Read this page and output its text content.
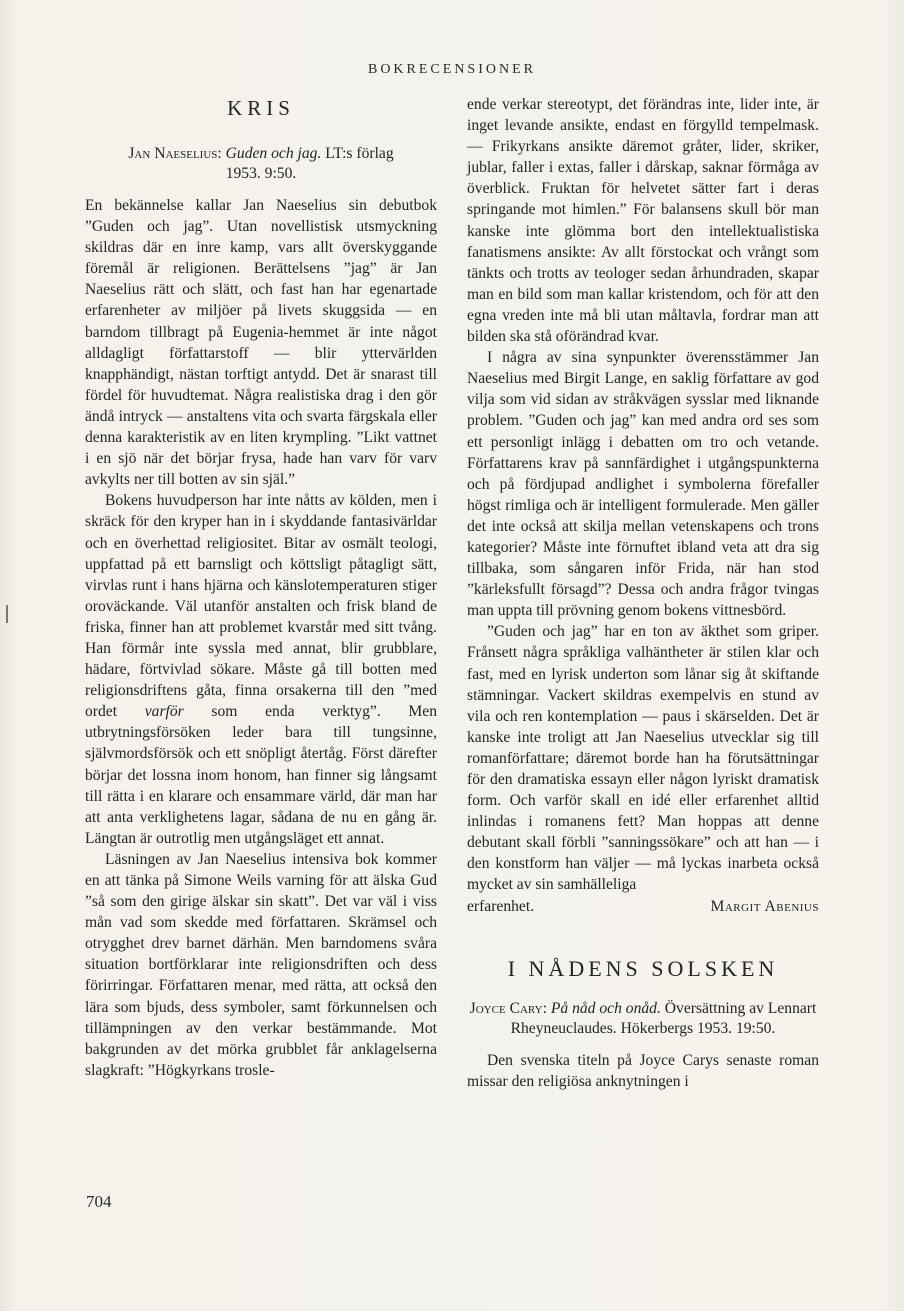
BOKRECENSIONER
KRIS
Jan Naeselius: Guden och jag. LT:s förlag
1953. 9:50.

En bekännelse kallar Jan Naeselius sin debutbok ”Guden och jag”. Utan novellistisk utsmyckning skildras där en inre kamp, vars allt överskyggande föremål är religionen. Berättelsens ”jag” är Jan Naeselius rätt och slätt, och fast han har egenartade erfarenheter av miljöer på livets skuggsida — en barndom tillbragt på Eugenia-hemmet är inte något alldagligt författarstoff — blir yttervärlden knapphändigt, nästan torftigt antydd. Det är snarast till fördel för huvudtemat. Några realistiska drag i den gör ändå intryck — anstaltens vita och svarta färgskala eller denna karakteristik av en liten krympling. ”Likt vattnet i en sjö när det börjar frysa, hade han varv för varv avkylts ner till botten av sin själ.”

Bokens huvudperson har inte nåtts av kölden, men i skräck för den kryper han in i skyddande fantasivärldar och en överhettad religiositet. Bitar av osmält teologi, uppfattad på ett barnsligt och köttsligt påtagligt sätt, virvlas runt i hans hjärna och känslotemperaturen stiger oroväckande. Väl utanför anstalten och frisk bland de friska, finner han att problemet kvarstår med sitt tvång. Han förmår inte syssla med annat, blir grubblare, hädare, förtvivlad sökare. Måste gå till botten med religionsdriftens gåta, finna orsakerna till den ”med ordet varför som enda verktyg”. Men utbrytningsförsöken leder bara till tungsinne, självmordsförsök och ett snöpligt återtåg. Först därefter börjar det lossna inom honom, han finner sig långsamt till rätta i en klarare och ensammare värld, där man har att anta verklighetens lagar, sådana de nu en gång är. Längtan är outrotlig men utgångsläget ett annat.

Läsningen av Jan Naeselius intensiva bok kommer en att tänka på Simone Weils varning för att älska Gud ”så som den girige älskar sin skatt”. Det var väl i viss mån vad som skedde med författaren. Skrämsel och otrygghet drev barnet därhän. Men barndomens svåra situation bortförklarar inte religionsdriften och dess förirringar. Författaren menar, med rätta, att också den lära som bjuds, dess symboler, samt förkunnelsen och tillämpningen av den verkar bestämmande. Mot bakgrunden av det mörka grubblet får anklagelserna slagkraft: ”Högkyrkans trosle-

ende verkar stereotypt, det förändras inte, lider inte, är inget levande ansikte, endast en förgylld tempelmask. — Frikyrkans ansikte däremot gråter, lider, skriker, jublar, faller i extas, faller i dårskap, saknar förmåga av överblick. Fruktan för helvetet sätter fart i deras springande mot himlen.” För balansens skull bör man kanske inte glömma bort den intellektualistiska fanatismens ansikte: Av allt förstockat och vrångt som tänkts och trotts av teologer sedan århundraden, skapar man en bild som man kallar kristendom, och för att den egna vreden inte må bli utan måltavla, fordrar man att bilden ska stå oförändrad kvar.

I några av sina synpunkter överensstämmer Jan Naeselius med Birgit Lange, en saklig författare av god vilja som vid sidan av stråkvägen sysslar med liknande problem. ”Guden och jag” kan med andra ord ses som ett personligt inlägg i debatten om tro och vetande. Författarens krav på sannfärdighet i utgångspunkterna och på fördjupad andlighet i symbolerna förefaller högst rimliga och är intelligent formulerade. Men gäller det inte också att skilja mellan vetenskapens och trons kategorier? Måste inte förnuftet ibland veta att dra sig tillbaka, som sångaren inför Frida, när han stod ”kärleksfullt försagd”? Dessa och andra frågor tvingas man uppta till prövning genom bokens vittnesbörd.

”Guden och jag” har en ton av äkthet som griper. Frånsett några språkliga valhäntheter är stilen klar och fast, med en lyrisk underton som lånar sig åt skiftande stämningar. Vackert skildras exempelvis en stund av vila och ren kontemplation — paus i skärselden. Det är kanske inte troligt att Jan Naeselius utvecklar sig till romanförfattare; däremot borde han ha förutsättningar för den dramatiska essayn eller någon lyriskt dramatisk form. Och varför skall en idé eller erfarenhet alltid inlindas i romanens fett? Man hoppas att denne debutant skall förbli ”sanningssökare” och att han — i den konstform han väljer — må lyckas inarbeta också mycket av sin samhälleliga

erfarenhet.	Margit Abenius
I NÅDENS SOLSKEN
Joyce Cary: På nåd och onåd. Översättning av Lennart Rheyneuclaudes. Hökerbergs 1953. 19:50.

Den svenska titeln på Joyce Carys senaste roman missar den religiösa anknytningen i

704
